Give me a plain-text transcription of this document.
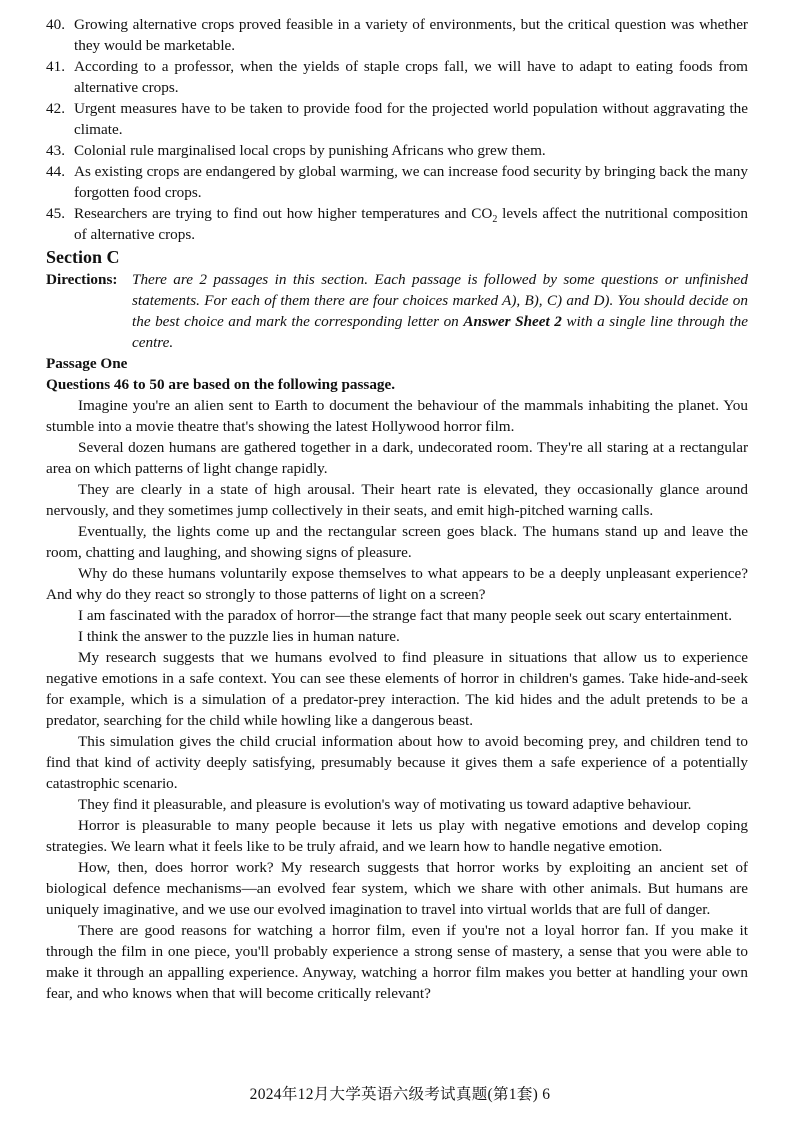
40. Growing alternative crops proved feasible in a variety of environments, but the critical question was whether they would be marketable.
41. According to a professor, when the yields of staple crops fall, we will have to adapt to eating foods from alternative crops.
42. Urgent measures have to be taken to provide food for the projected world population without aggravating the climate.
43. Colonial rule marginalised local crops by punishing Africans who grew them.
44. As existing crops are endangered by global warming, we can increase food security by bringing back the many forgotten food crops.
45. Researchers are trying to find out how higher temperatures and $CO_2$ levels affect the nutritional composition of alternative crops.
Section C
Directions: There are 2 passages in this section. Each passage is followed by some questions or unfinished statements. For each of them there are four choices marked A), B), C) and D). You should decide on the best choice and mark the corresponding letter on Answer Sheet 2 with a single line through the centre.
Passage One
Questions 46 to 50 are based on the following passage.

Imagine you're an alien sent to Earth to document the behaviour of the mammals inhabiting the planet. You stumble into a movie theatre that's showing the latest Hollywood horror film.

Several dozen humans are gathered together in a dark, undecorated room. They're all staring at a rectangular area on which patterns of light change rapidly.

They are clearly in a state of high arousal. Their heart rate is elevated, they occasionally glance around nervously, and they sometimes jump collectively in their seats, and emit high-pitched warning calls.

Eventually, the lights come up and the rectangular screen goes black. The humans stand up and leave the room, chatting and laughing, and showing signs of pleasure.

Why do these humans voluntarily expose themselves to what appears to be a deeply unpleasant experience? And why do they react so strongly to those patterns of light on a screen?

I am fascinated with the paradox of horror—the strange fact that many people seek out scary entertainment.

I think the answer to the puzzle lies in human nature.

My research suggests that we humans evolved to find pleasure in situations that allow us to experience negative emotions in a safe context. You can see these elements of horror in children's games. Take hide-and-seek for example, which is a simulation of a predator-prey interaction. The kid hides and the adult pretends to be a predator, searching for the child while howling like a dangerous beast.

This simulation gives the child crucial information about how to avoid becoming prey, and children tend to find that kind of activity deeply satisfying, presumably because it gives them a safe experience of a potentially catastrophic scenario.

They find it pleasurable, and pleasure is evolution's way of motivating us toward adaptive behaviour.

Horror is pleasurable to many people because it lets us play with negative emotions and develop coping strategies. We learn what it feels like to be truly afraid, and we learn how to handle negative emotion.

How, then, does horror work? My research suggests that horror works by exploiting an ancient set of biological defence mechanisms—an evolved fear system, which we share with other animals. But humans are uniquely imaginative, and we use our evolved imagination to travel into virtual worlds that are full of danger.

There are good reasons for watching a horror film, even if you're not a loyal horror fan. If you make it through the film in one piece, you'll probably experience a strong sense of mastery, a sense that you were able to make it through an appalling experience. Anyway, watching a horror film makes you better at handling your own fear, and who knows when that will become critically relevant?

2024年12月大学英语六级考试真题(第1套) 6
